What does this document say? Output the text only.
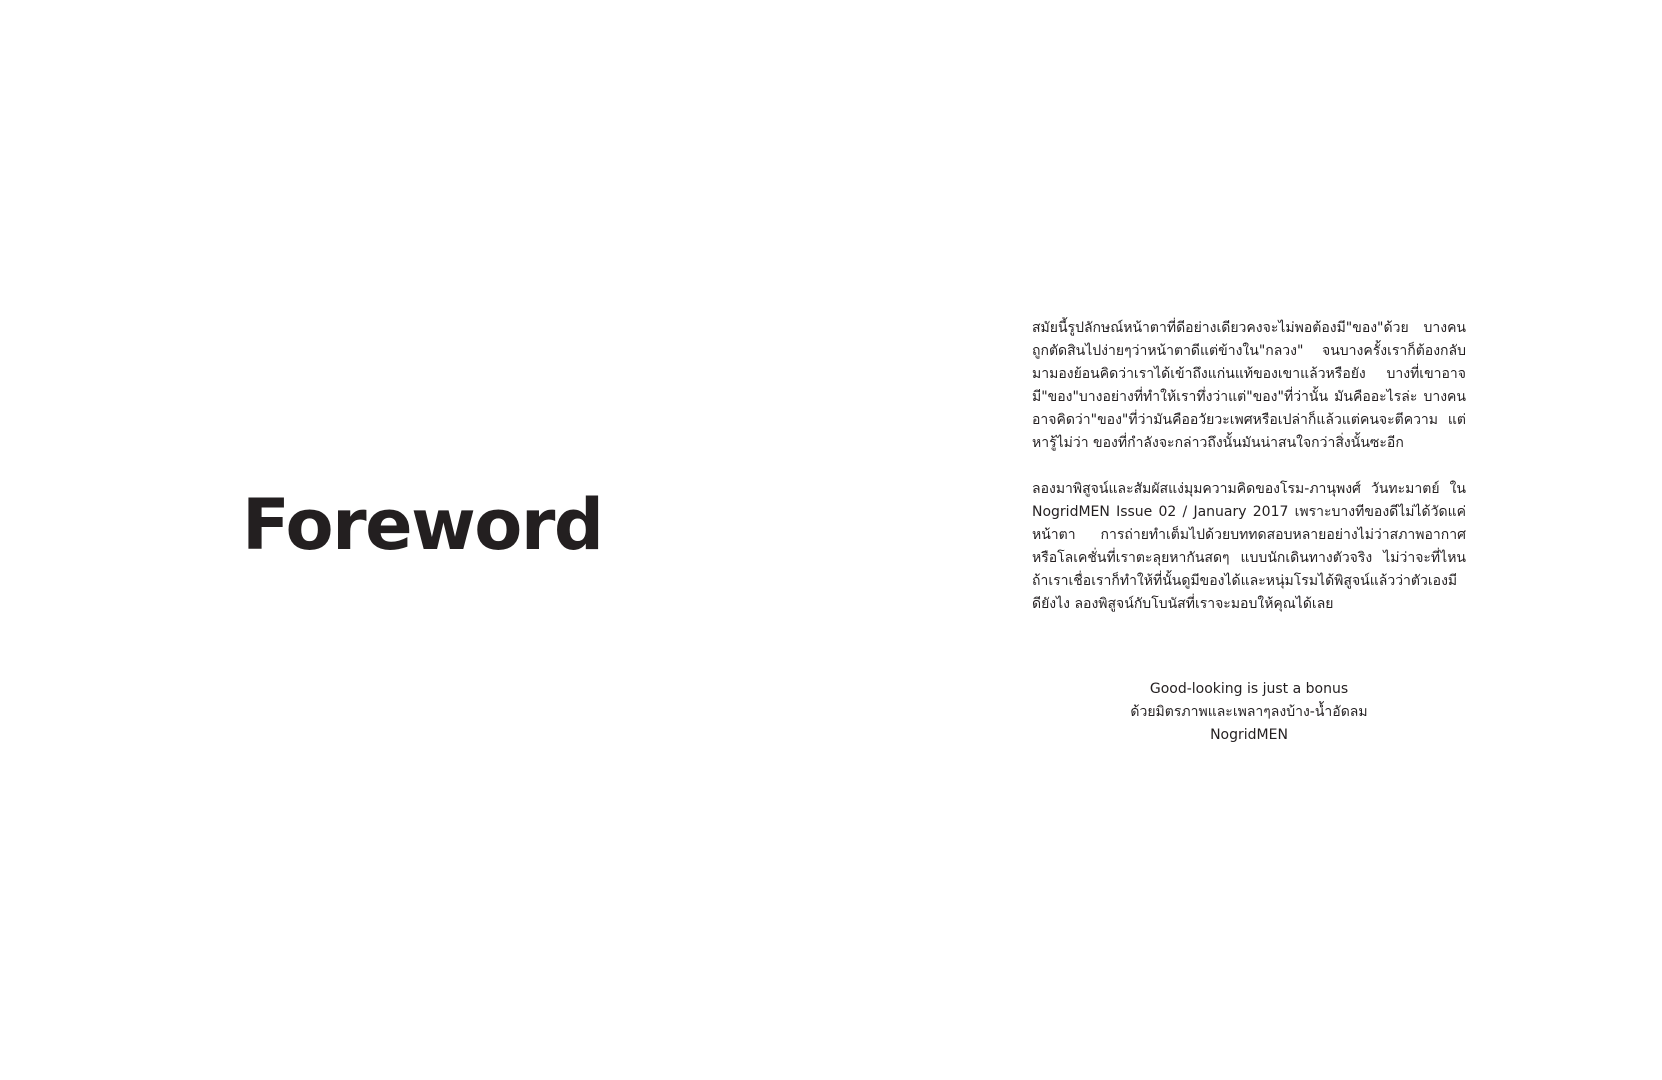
Foreword

สมัยนี้รูปลักษณ์หน้าตาที่ดีอย่างเดียวคงจะไม่พอต้องมี"ของ"ด้วย บางคนถูกตัดสินไปง่ายๆว่าหน้าตาดีแต่ข้างใน"กลวง" จนบางครั้งเราก็ต้องกลับมามองย้อนคิดว่าเราได้เข้าถึงแก่นแท้ของเขาแล้วหรือยัง บางที่เขาอาจมี"ของ"บางอย่างที่ทำให้เราทึ่งว่าแต่"ของ"ที่ว่านั้น มันคืออะไรล่ะ บางคนอาจคิดว่า"ของ"ที่ว่ามันคืออวัยวะเพศหรือเปล่าก็แล้วแต่คนจะตีความ แต่หารู้ไม่ว่า ของที่กำลังจะกล่าวถึงนั้นมันน่าสนใจกว่าสิ่งนั้นซะอีก

ลองมาพิสูจน์และสัมผัสแง่มุมความคิดของโรม-ภานุพงศ์ วันทะมาตย์ ใน NogridMEN Issue 02 / January 2017 เพราะบางทีของดีไม่ได้วัดแค่หน้าตา การถ่ายทำเต็มไปด้วยบททดสอบหลายอย่างไม่ว่าสภาพอากาศหรือโลเคชั่นที่เราตะลุยหากันสดๆ แบบนักเดินทางตัวจริง ไม่ว่าจะที่ไหนถ้าเราเชื่อเราก็ทำให้ที่นั้นดูมีของได้และหนุ่มโรมได้พิสูจน์แล้วว่าตัวเองมีดียังไง ลองพิสูจน์กับโบนัสที่เราจะมอบให้คุณได้เลย

Good-looking is just a bonus
ด้วยมิตรภาพและเพลาๆลงบ้าง-น้ำอัดลม
NogridMEN
